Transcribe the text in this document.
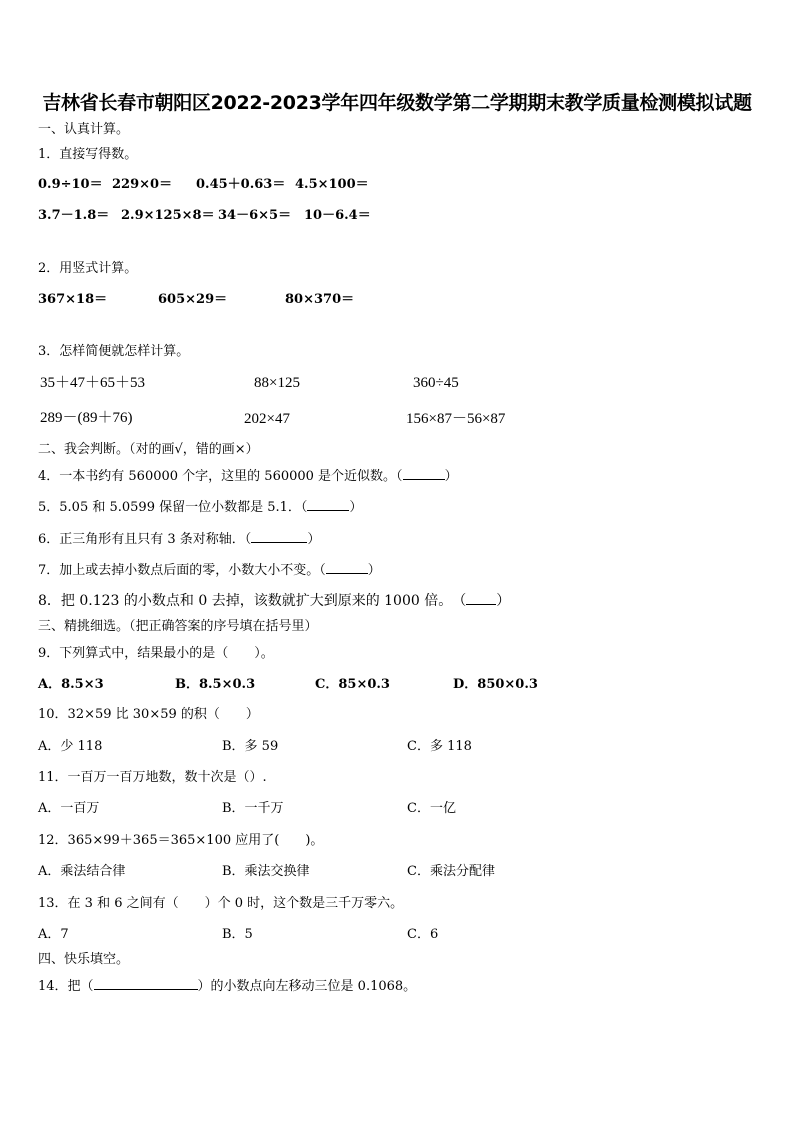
吉林省长春市朝阳区2022-2023学年四年级数学第二学期期末教学质量检测模拟试题
一、认真计算。
1．直接写得数。
0.9÷10＝ 229×0＝ 0.45＋0.63＝ 4.5×100＝
3.7－1.8＝ 2.9×125×8＝ 34－6×5＝ 10－6.4＝
2．用竖式计算。
367×18＝	605×29＝	80×370＝
3．怎样简便就怎样计算。
35＋47＋65＋53	88×125	360÷45
289－(89＋76)	202×47	156×87－56×87
二、我会判断。（对的画√，错的画×）
4．一本书约有 560000 个字，这里的 560000 是个近似数。（	）
5．5.05 和 5.0599 保留一位小数都是 5.1．（	）
6．正三角形有且只有 3 条对称轴．（	）
7．加上或去掉小数点后面的零，小数大小不变。（	）
8．把 0.123 的小数点和 0 去掉，该数就扩大到原来的 1000 倍。　（ ）
三、精挑细选。（把正确答案的序号填在括号里）
9．下列算式中，结果最小的是（　　）。
A．8.5×3	B．8.5×0.3	C．85×0.3	D．850×0.3
10．32×59 比 30×59 的积（　　）
A．少 118	B．多 59	C．多 118
11．一百万一百万地数，数十次是（）.
A．一百万	B．一千万	C．一亿
12．365×99＋365＝365×100 应用了(　　)。
A．乘法结合律	B．乘法交换律	C．乘法分配律
13．在 3 和 6 之间有（　　）个 0 时，这个数是三千万零六。
A．7	B．5	C．6
四、快乐填空。
14．把（	）的小数点向左移动三位是 0.1068。
